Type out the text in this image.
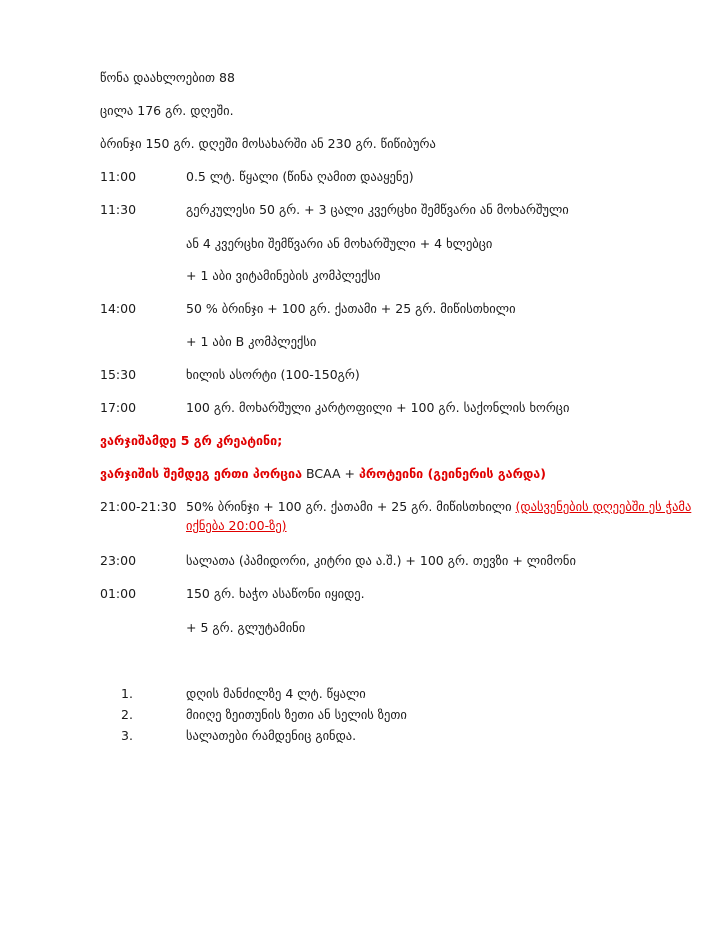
წონა დაახლოებით 88
ცილა 176 გრ. დღეში.
ბრინჯი 150 გრ. დღეში მოსახარში ან 230 გრ. წიწიბურა
11:00	0.5 ლტ. წყალი (წინა ღამით დააყენე)
11:30	გერკულესი 50 გრ. + 3 ცალი კვერცხი შემწვარი ან მოხარშული
ან 4 კვერცხი შემწვარი ან მოხარშული + 4 ხლებცი
+ 1 აბი ვიტამინების კომპლექსი
14:00	50 % ბრინჯი + 100 გრ. ქათამი + 25 გრ. მიწისთხილი
+ 1 აბი B კომპლექსი
15:30	ხილის ასორტი (100-150გრ)
17:00	100 გრ. მოხარშული კარტოფილი + 100 გრ. საქონლის ხორცი
ვარჯიშამდე 5 გრ კრეატინი;
ვარჯიშის შემდეგ ერთი პორცია BCAA + პროტეინი (გეინერის გარდა)
21:00-21:30 50% ბრინჯი + 100 გრ. ქათამი + 25 გრ. მიწისთხილი (დასვენების დღეებში ეს ჭამა
იქნება 20:00-ზე)
23:00	სალათა (პამიდორი, კიტრი და ა.შ.) + 100 გრ. თევზი + ლიმონი
01:00	150 გრ. ხაჭო ასაწონი იყიდე.
+ 5 გრ. გლუტამინი
1.	დღის მანძილზე 4 ლტ. წყალი
2.	მიიღე ზეითუნის ზეთი ან სელის ზეთი
3.	სალათები რამდენიც გინდა.
